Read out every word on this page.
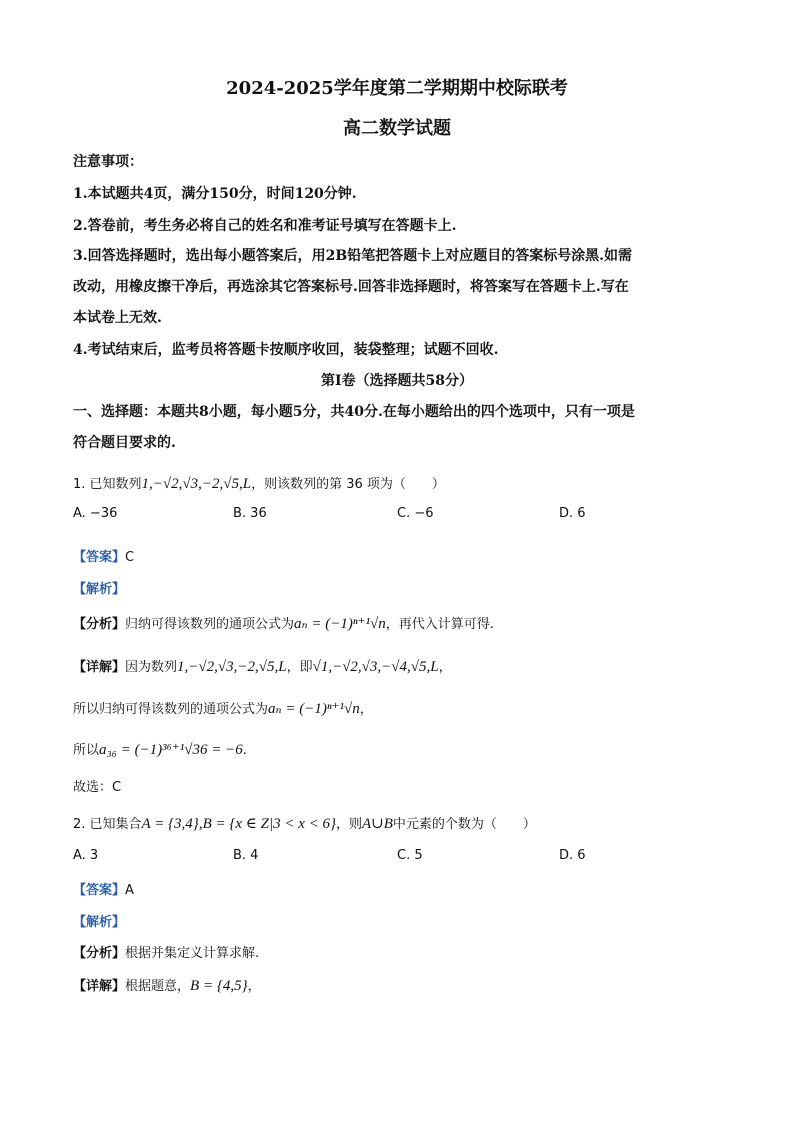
2024-2025学年度第二学期期中校际联考
高二数学试题
注意事项：
1.本试题共4页，满分150分，时间120分钟.
2.答卷前，考生务必将自己的姓名和准考证号填写在答题卡上.
3.回答选择题时，选出每小题答案后，用2B铅笔把答题卡上对应题目的答案标号涂黑.如需
改动，用橡皮擦干净后，再选涂其它答案标号.回答非选择题时，将答案写在答题卡上.写在
本试卷上无效.
4.考试结束后，监考员将答题卡按顺序收回，装袋整理；试题不回收.
第Ⅰ卷（选择题共58分）
一、选择题：本题共8小题，每小题5分，共40分.在每小题给出的四个选项中，只有一项是
符合题目要求的.
1. 已知数列1,−√2,√3,−2,√5,L，则该数列的第 36 项为（　　）
A. −36	B. 36	C. −6	D. 6
【答案】C
【解析】
【分析】归纳可得该数列的通项公式为aₙ = (−1)ⁿ⁺¹√n，再代入计算可得.
【详解】因为数列1,−√2,√3,−2,√5,L，即√1,−√2,√3,−√4,√5,L，
所以归纳可得该数列的通项公式为aₙ = (−1)ⁿ⁺¹√n，
所以a₃₆ = (−1)³⁶⁺¹√36 = −6.
故选：C
2. 已知集合A = {3,4},B = {x ∈ Z|3 < x < 6}，则A∪B中元素的个数为（　　）
A. 3	B. 4	C. 5	D. 6
【答案】A
【解析】
【分析】根据并集定义计算求解.
【详解】根据题意，B = {4,5}，
